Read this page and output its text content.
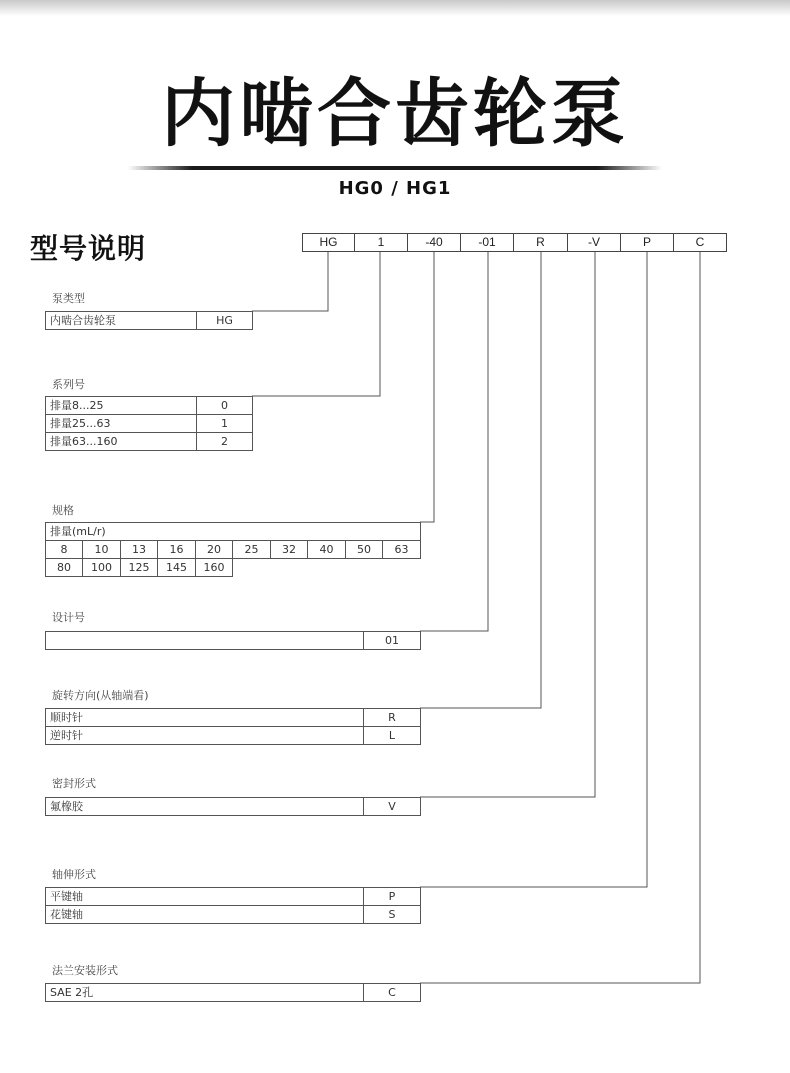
内啮合齿轮泵
HG0 / HG1
型号说明	HG	1	-40	-01	R	-V	P	C
泵类型
内啮合齿轮泵	HG
系列号
排量8...25	0
排量25...63	1
排量63...160	2
规格
排量(mL/r)
8	10	13	16	20	25	32	40	50	63
80	100	125	145	160
设计号
01
旋转方向(从轴端看)
顺时针	R
逆时针	L
密封形式
氟橡胶	V
轴伸形式
平键轴	P
花键轴	S
法兰安装形式
SAE 2孔	C
